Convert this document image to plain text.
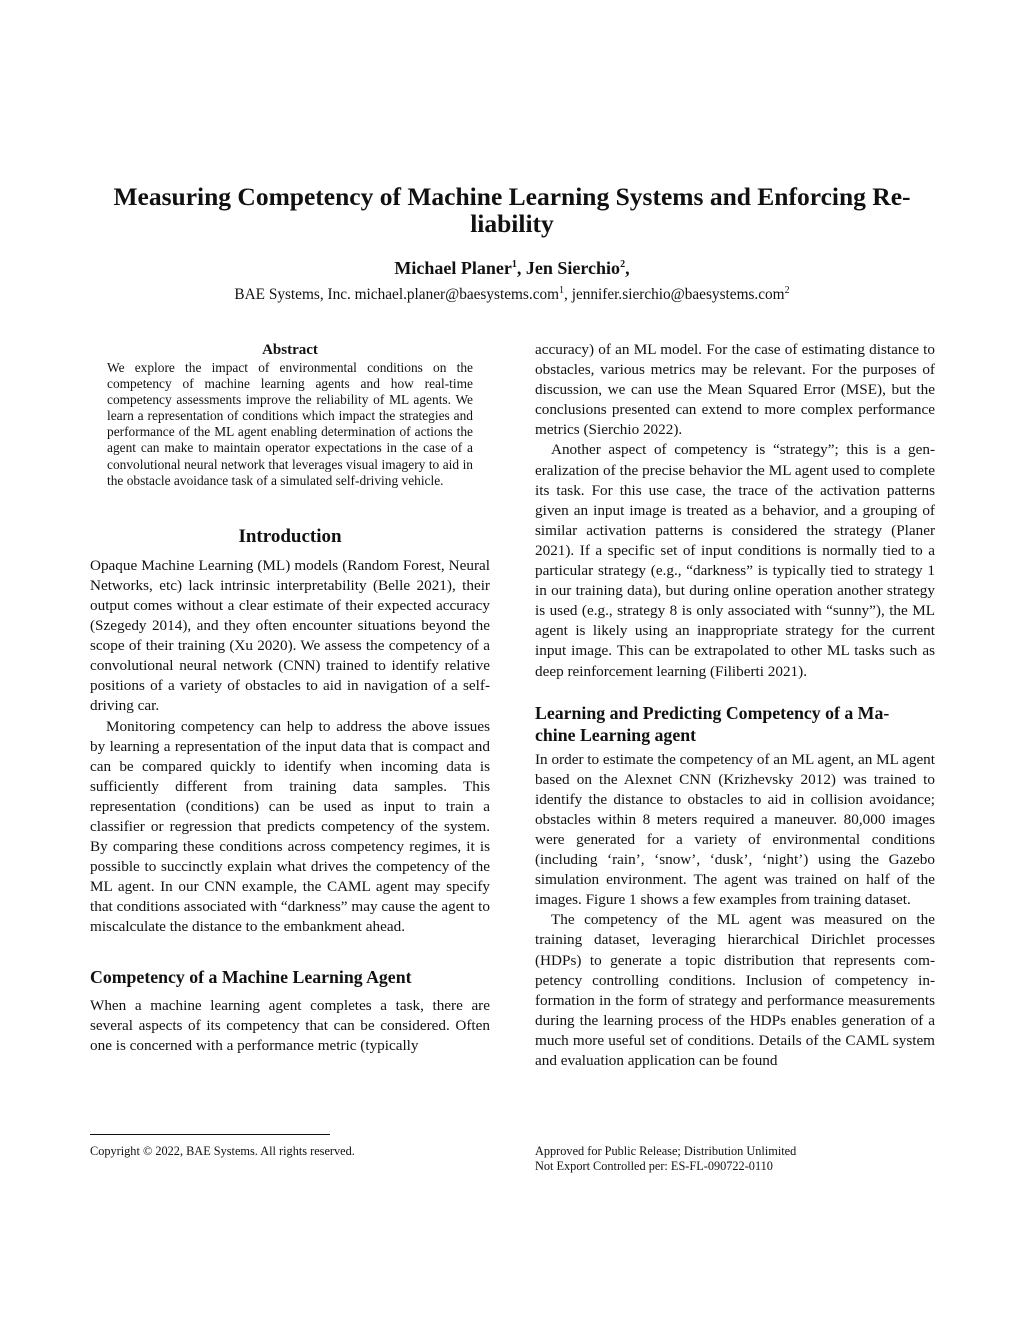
Measuring Competency of Machine Learning Systems and Enforcing Re-
liability
Michael Planer$^1$, Jen Sierchio$^2$,
BAE Systems, Inc. michael.planer@baesystems.com$^1$, jennifer.sierchio@baesystems.com$^2$
Abstract

We explore the impact of environmental conditions on the competency of machine learning agents and how real-time competency assessments improve the reliability of ML agents. We learn a representation of conditions which impact the strategies and performance of the ML agent enabling determination of actions the agent can make to maintain operator expectations in the case of a convolutional neural network that leverages visual imagery to aid in the obstacle avoidance task of a simulated self-driving vehicle.

Introduction

Opaque Machine Learning (ML) models (Random Forest, Neural Networks, etc) lack intrinsic interpretability (Belle 2021), their output comes without a clear estimate of their expected accuracy (Szegedy 2014), and they often encounter situations beyond the scope of their training (Xu 2020). We assess the competency of a convolutional neural network (CNN) trained to identify relative positions of a variety of obstacles to aid in navigation of a self-driving car.

Monitoring competency can help to address the above issues by learning a representation of the input data that is compact and can be compared quickly to identify when incoming data is sufficiently different from training data samples. This representation (conditions) can be used as input to train a classifier or regression that predicts competency of the system. By comparing these conditions across competency regimes, it is possible to succinctly explain what drives the competency of the ML agent. In our CNN example, the CAML agent may specify that conditions associated with “darkness” may cause the agent to miscalculate the distance to the embankment ahead.

Competency of a Machine Learning Agent

When a machine learning agent completes a task, there are several aspects of its competency that can be considered. Often one is concerned with a performance metric (typically

accuracy) of an ML model. For the case of estimating distance to obstacles, various metrics may be relevant. For the purposes of discussion, we can use the Mean Squared Error (MSE), but the conclusions presented can extend to more complex performance metrics (Sierchio 2022).

Another aspect of competency is “strategy”; this is a generalization of the precise behavior the ML agent used to complete its task. For this use case, the trace of the activation patterns given an input image is treated as a behavior, and a grouping of similar activation patterns is considered the strategy (Planer 2021). If a specific set of input conditions is normally tied to a particular strategy (e.g., “darkness” is typically tied to strategy 1 in our training data), but during online operation another strategy is used (e.g., strategy 8 is only associated with “sunny”), the ML agent is likely using an inappropriate strategy for the current input image. This can be extrapolated to other ML tasks such as deep reinforcement learning (Filiberti 2021).

Learning and Predicting Competency of a Ma-
chine Learning agent

In order to estimate the competency of an ML agent, an ML agent based on the Alexnet CNN (Krizhevsky 2012) was trained to identify the distance to obstacles to aid in collision avoidance; obstacles within 8 meters required a maneuver. 80,000 images were generated for a variety of environmental conditions (including ‘rain’, ‘snow’, ‘dusk’, ‘night’) using the Gazebo simulation environment. The agent was trained on half of the images. Figure 1 shows a few examples from training dataset.

The competency of the ML agent was measured on the training dataset, leveraging hierarchical Dirichlet processes (HDPs) to generate a topic distribution that represents competency controlling conditions. Inclusion of competency information in the form of strategy and performance measurements during the learning process of the HDPs enables generation of a much more useful set of conditions. Details of the CAML system and evaluation application can be found

Copyright © 2022, BAE Systems. All rights reserved.	Approved for Public Release; Distribution Unlimited
Not Export Controlled per: ES-FL-090722-0110
